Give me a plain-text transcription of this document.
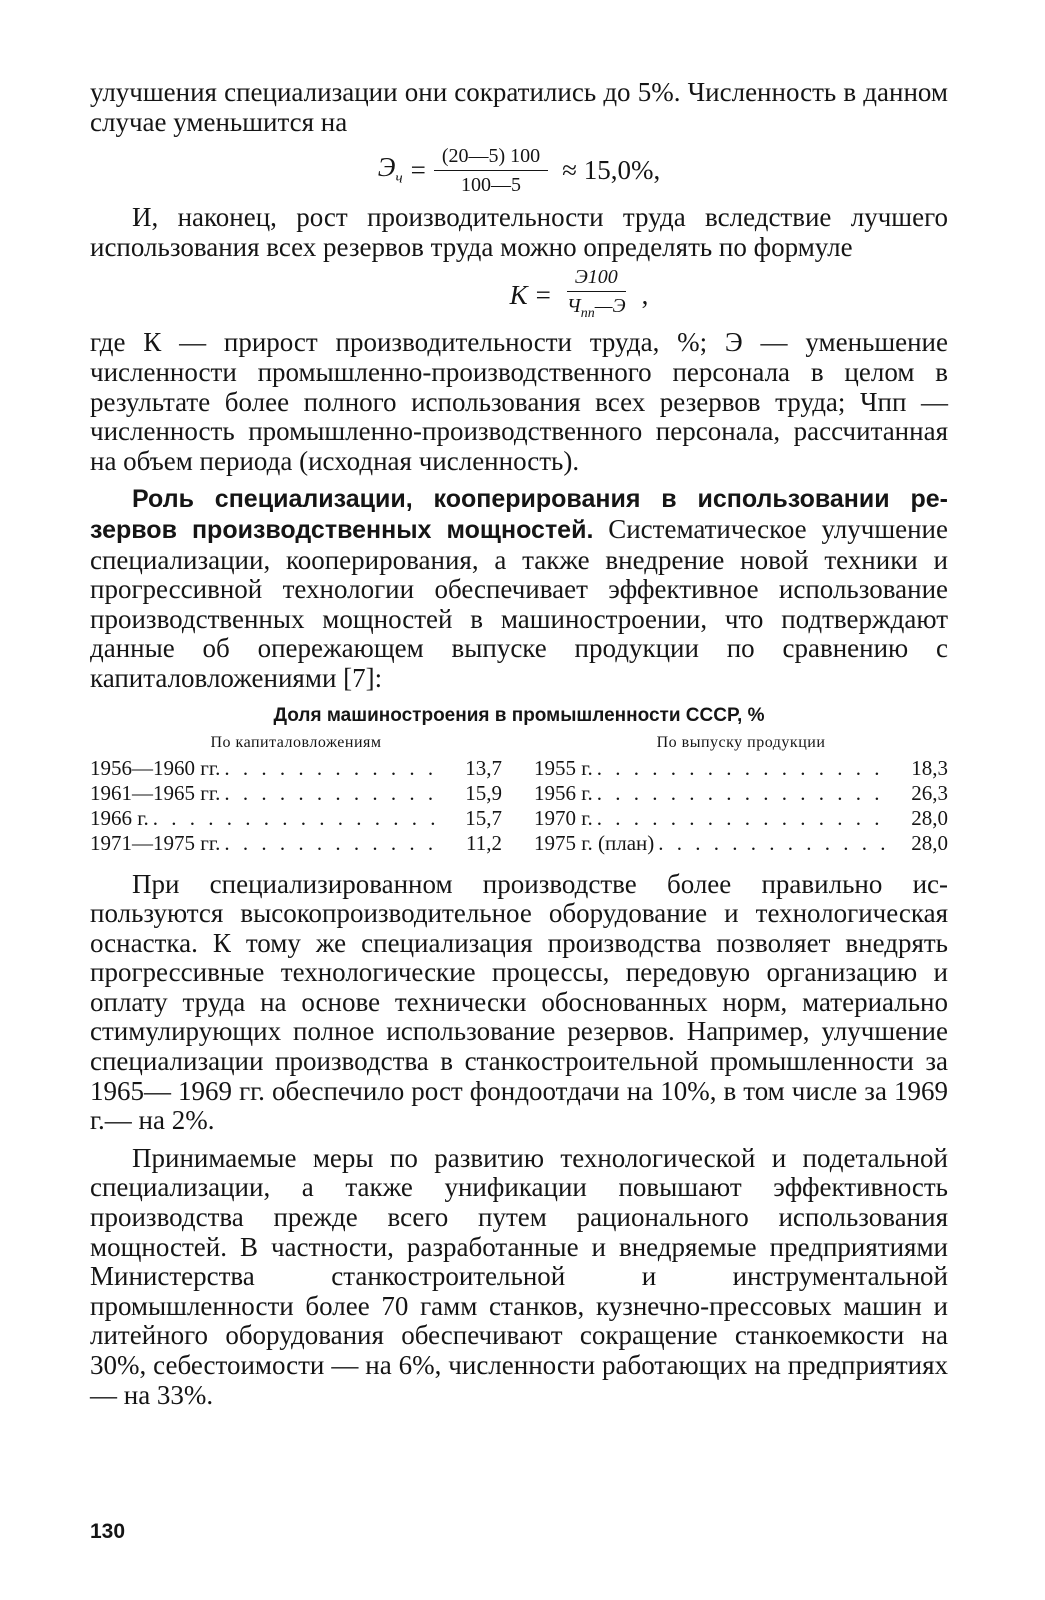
улучшения специализации они сократились до 5%. Численность в данном случае уменьшится на

$Э_ч = \frac{(20—5) 100}{100—5} \approx 15,0\%$,

И, наконец, рост производительности труда вследствие лучшего использования всех резервов труда можно определять по формуле

$K = \frac{Э100}{Ч_{пп}—Э}$ ,

где К — прирост производительности труда, %; Э — уменьшение численности промышленно-производственного персонала в целом в результате более полного использования всех резервов труда; Чпп — численность промышленно-производственного персонала, рассчитанная на объем периода (исходная численность).

Роль специализации, кооперирования в использовании резервов производственных мощностей. Систематическое улучшение специализации, кооперирования, а также внедрение новой техники и прогрессивной технологии обеспечивает эффективное использование производственных мощностей в машиностроении, что подтверждают данные об опережающем выпуске продукции по сравнению с капиталовложениями [7]:

Доля машиностроения в промышленности СССР, %
По капиталовложениям
1956—1960 гг. . . .	13,7
1961—1965 гг. . . .	15,9
1966 г. . . .	15,7
1971—1975 гг. . . .	11,2
По выпуску продукции
1955 г. . . .	18,3
1956 г. . . .	26,3
1970 г. . . .	28,0
1975 г. (план) . . .	28,0

При специализированном производстве более правильно используются высокопроизводительное оборудование и технологическая оснастка. К тому же специализация производства позволяет внедрять прогрессивные технологические процессы, передовую организацию и оплату труда на основе технически обоснованных норм, материально стимулирующих полное использование резервов. Например, улучшение специализации производства в станкостроительной промышленности за 1965— 1969 гг. обеспечило рост фондоотдачи на 10%, в том числе за 1969 г.— на 2%.

Принимаемые меры по развитию технологической и подетальной специализации, а также унификации повышают эффективность производства прежде всего путем рационального использования мощностей. В частности, разработанные и внедряемые предприятиями Министерства станкостроительной и инструментальной промышленности более 70 гамм станков, кузнечно-прессовых машин и литейного оборудования обеспечивают сокращение станкоемкости на 30%, себестоимости — на 6%, численности работающих на предприятиях — на 33%.

130
